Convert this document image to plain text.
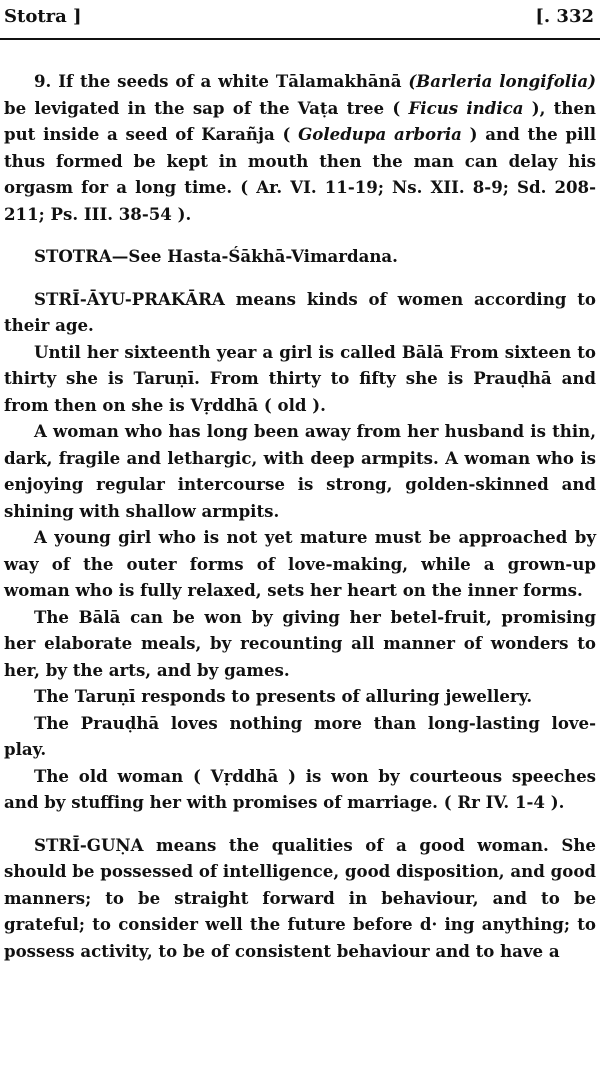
Stotra ]	[. 332

9. If the seeds of a white Tālamakhānā (Barleria longifolia) be levigated in the sap of the Vaṭa tree ( Ficus indica ), then put inside a seed of Karañja ( Goledupa arboria ) and the pill thus formed be kept in mouth then the man can delay his orgasm for a long time. ( Ar. VI. 11-19; Ns. XII. 8-9; Sd. 208-211; Ps. III. 38-54 ).

STOTRA—See Hasta-Śākhā-Vimardana.

STRĪ-ĀYU-PRAKĀRA means kinds of women according to their age.

Until her sixteenth year a girl is called Bālā From sixteen to thirty she is Taruṇī. From thirty to fifty she is Prauḍhā and from then on she is Vṛddhā ( old ).

A woman who has long been away from her husband is thin, dark, fragile and lethargic, with deep armpits. A woman who is enjoying regular intercourse is strong, golden-skinned and shining with shallow armpits.

A young girl who is not yet mature must be approached by way of the outer forms of love-making, while a grown-up woman who is fully relaxed, sets her heart on the inner forms.

The Bālā can be won by giving her betel-fruit, promising her elaborate meals, by recounting all manner of wonders to her, by the arts, and by games.

The Taruṇī responds to presents of alluring jewellery.

The Prauḍhā loves nothing more than long-lasting love-play.

The old woman ( Vṛddhā ) is won by courteous speeches and by stuffing her with promises of marriage. ( Rr IV. 1-4 ).

STRĪ-GUṆA means the qualities of a good woman. She should be possessed of intelligence, good disposition, and good manners; to be straight forward in behaviour, and to be grateful; to consider well the future before d· ing anything; to possess activity, to be of consistent behaviour and to have a
